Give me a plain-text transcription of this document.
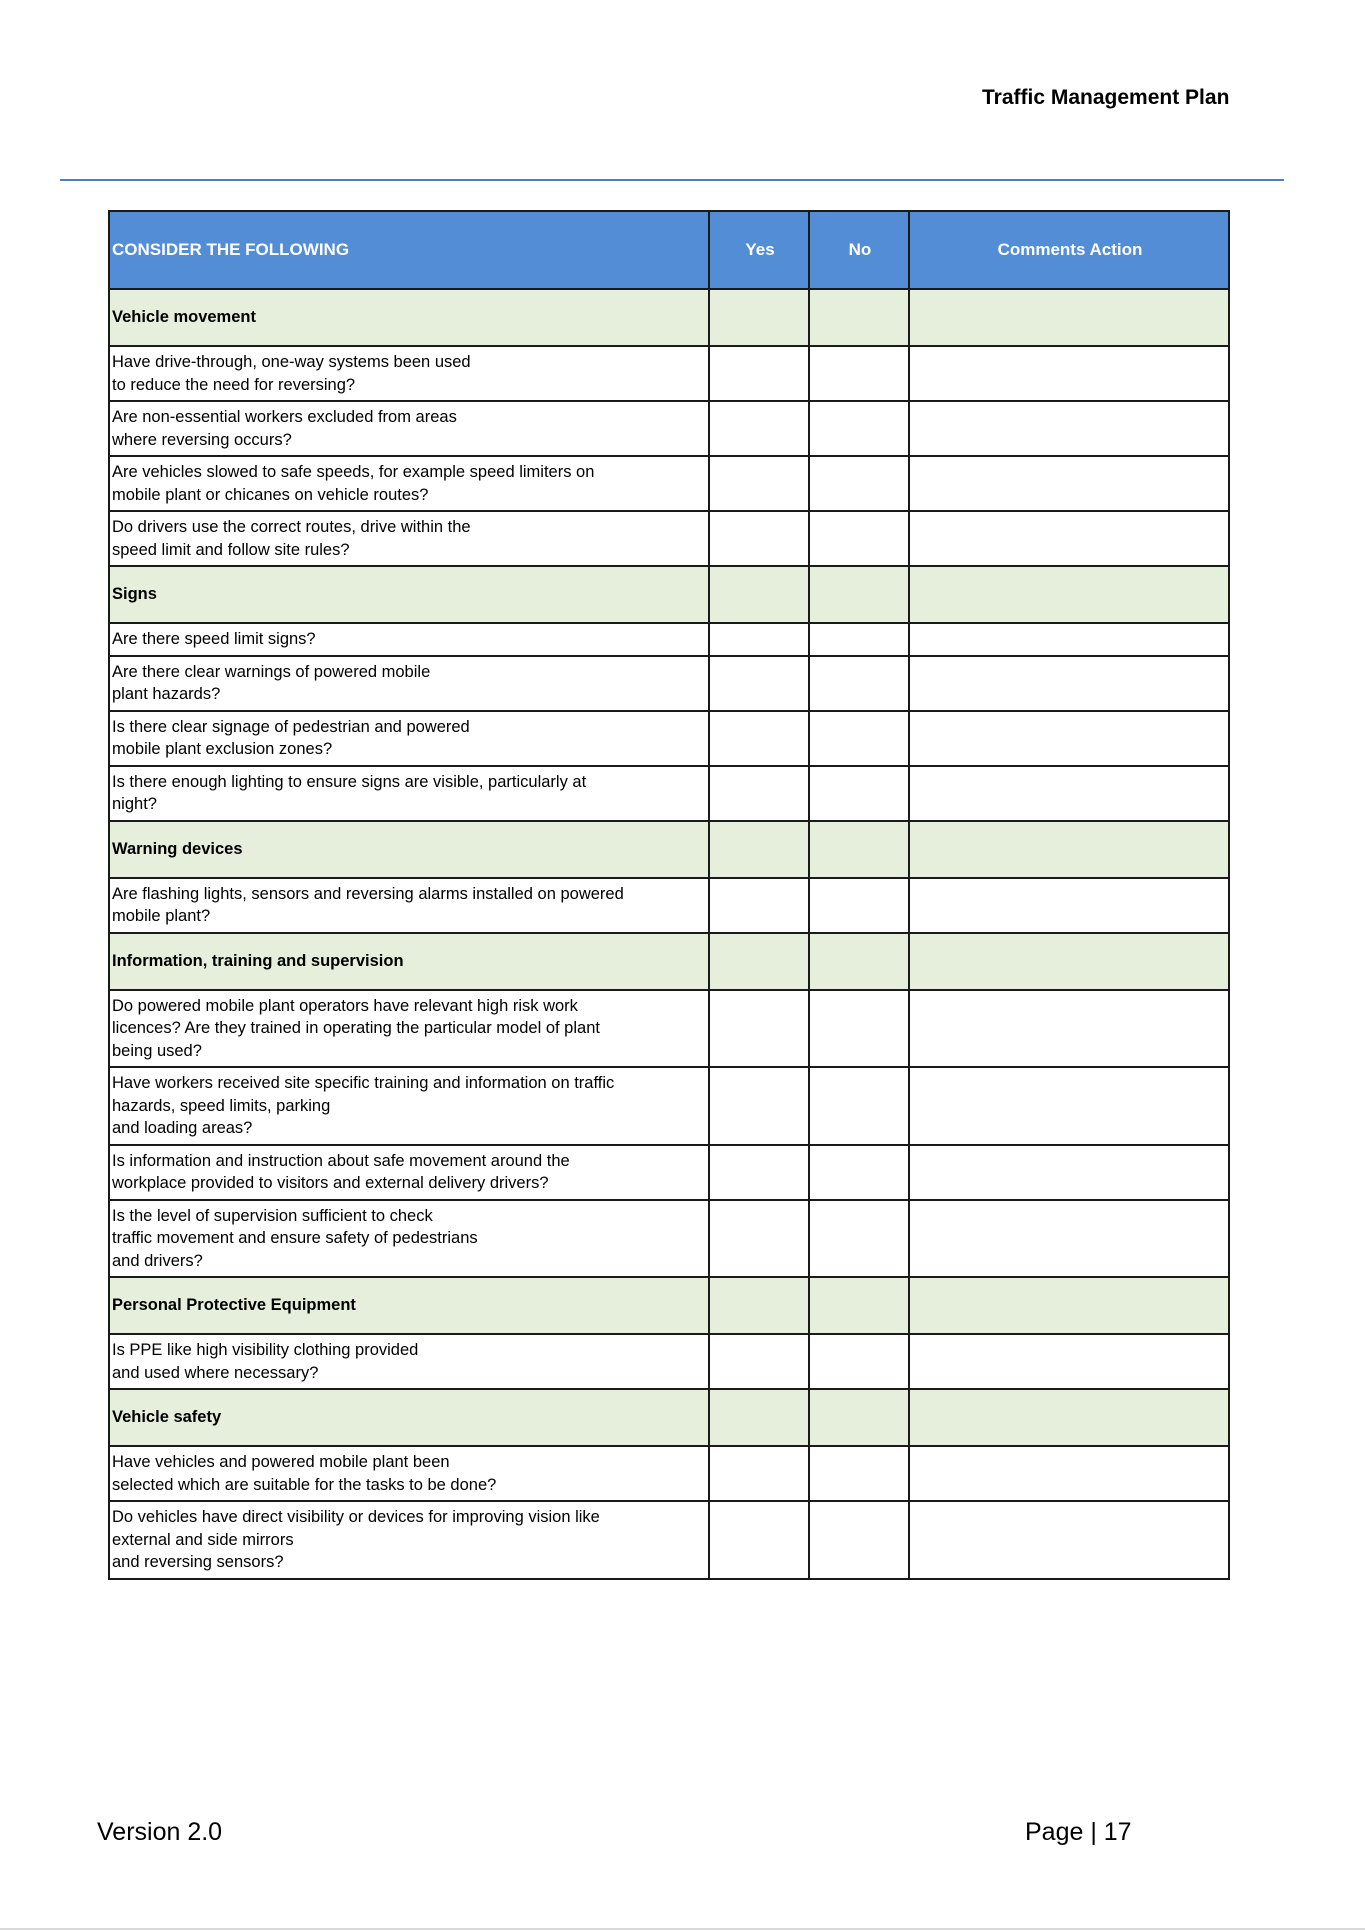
Traffic Management Plan
CONSIDER THE FOLLOWING	Yes	No	Comments Action
Vehicle movement			
Have drive-through, one-way systems been used
to reduce the need for reversing?			
Are non-essential workers excluded from areas
where reversing occurs?			
Are vehicles slowed to safe speeds, for example speed limiters on
mobile plant or chicanes on vehicle routes?			
Do drivers use the correct routes, drive within the
speed limit and follow site rules?			
Signs			
Are there speed limit signs?			
Are there clear warnings of powered mobile
plant hazards?			
Is there clear signage of pedestrian and powered
mobile plant exclusion zones?			
Is there enough lighting to ensure signs are visible, particularly at
night?			
Warning devices			
Are flashing lights, sensors and reversing alarms installed on powered
mobile plant?			
Information, training and supervision			
Do powered mobile plant operators have relevant high risk work
licences? Are they trained in operating the particular model of plant
being used?			
Have workers received site specific training and information on traffic
hazards, speed limits, parking
and loading areas?			
Is information and instruction about safe movement around the
workplace provided to visitors and external delivery drivers?			
Is the level of supervision sufficient to check
traffic movement and ensure safety of pedestrians
and drivers?			
Personal Protective Equipment			
Is PPE like high visibility clothing provided
and used where necessary?			
Vehicle safety			
Have vehicles and powered mobile plant been
selected which are suitable for the tasks to be done?			
Do vehicles have direct visibility or devices for improving vision like
external and side mirrors
and reversing sensors?			
Version 2.0	Page | 17
